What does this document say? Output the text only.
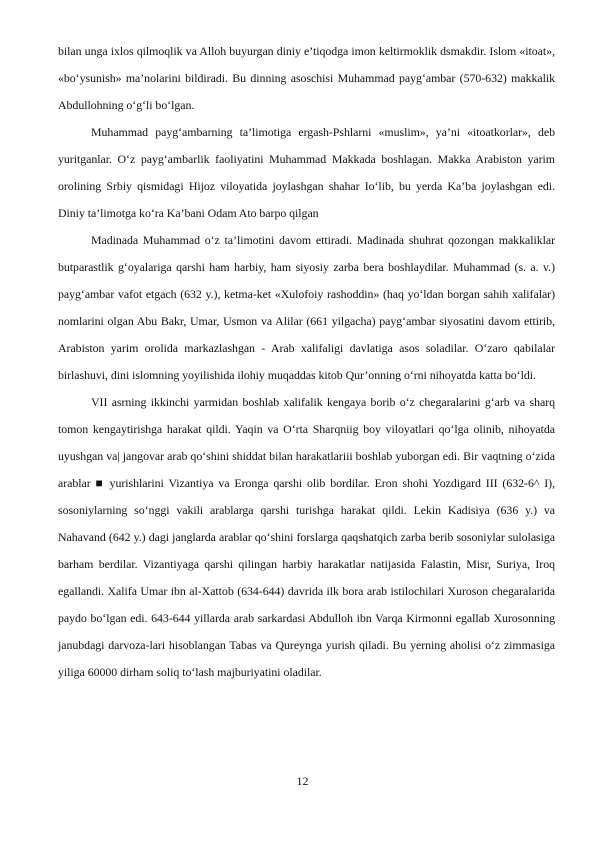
bilan unga ixlos qilmoqlik va Alloh buyurgan diniy e’tiqodga imon keltirmoklik dsmakdir. Islom «itoat», «bo‘ysunish» ma’nolarini bildiradi. Bu dinning asoschisi Muhammad payg‘ambar (570-632) makkalik Abdullohning o‘g‘li bo‘lgan.

Muhammad payg‘ambarning ta’limotiga ergash-Pshlarni «muslim», ya’ni «itoatkorlar», deb yuritganlar. O‘z payg‘ambarlik faoliyatini Muhammad Makkada boshlagan. Makka Arabiston yarim orolining Srbiy qismidagi Hijoz viloyatida joylashgan shahar Io‘lib, bu yerda Ka’ba joylashgan edi. Diniy ta’limotga ko‘ra Ka’bani Odam Ato barpo qilgan

Madinada Muhammad o‘z ta’limotini davom ettiradi. Madinada shuhrat qozongan makkaliklar butparastlik g‘oyalariga qarshi ham harbiy, ham siyosiy zarba bera boshlaydilar. Muhammad (s. a. v.) payg‘ambar vafot etgach (632 y.), ketma-ket «Xulofoiy rashoddin» (haq yo‘ldan borgan sahih xalifalar) nomlarini olgan Abu Bakr, Umar, Usmon va Alilar (661 yilgacha) payg‘ambar siyosatini davom ettirib, Arabiston yarim orolida markazlashgan - Arab xalifaligi davlatiga asos soladilar. O‘zaro qabilalar birlashuvi, dini islomning yoyilishida ilohiy muqaddas kitob Qur’onning o‘rni nihoyatda katta bo‘ldi.

VII asrning ikkinchi yarmidan boshlab xalifalik kengaya borib o‘z chegaralarini g‘arb va sharq tomon kengaytirishga harakat qildi. Yaqin va O‘rta Sharqniig boy viloyatlari qo‘lga olinib, nihoyatda uyushgan va| jangovar arab qo‘shini shiddat bilan harakatlariii boshlab yuborgan edi. Bir vaqtning o‘zida arablar ■ yurishlarini Vizantiya va Eronga qarshi olib bordilar. Eron shohi Yozdigard III (632-6^ I), sosoniylarning so‘nggi vakili arablarga qarshi turishga harakat qildi. Lekin Kadisiya (636 y.) va Nahavand (642 y.) dagi janglarda arablar qo‘shini forslarga qaqshatqich zarba berib sosoniylar sulolasiga barham berdilar. Vizantiyaga qarshi qilingan harbiy harakatlar natijasida Falastin, Misr, Suriya, Iroq egallandi. Xalifa Umar ibn al-Xattob (634-644) davrida ilk bora arab istilochilari Xuroson chegaralarida paydo bo‘lgan edi. 643-644 yillarda arab sarkardasi Abdulloh ibn Varqa Kirmonni egallab Xurosonning janubdagi darvoza-lari hisoblangan Tabas va Qureynga yurish qiladi. Bu yerning aholisi o‘z zimmasiga yiliga 60000 dirham soliq to‘lash majburiyatini oladilar.

12
